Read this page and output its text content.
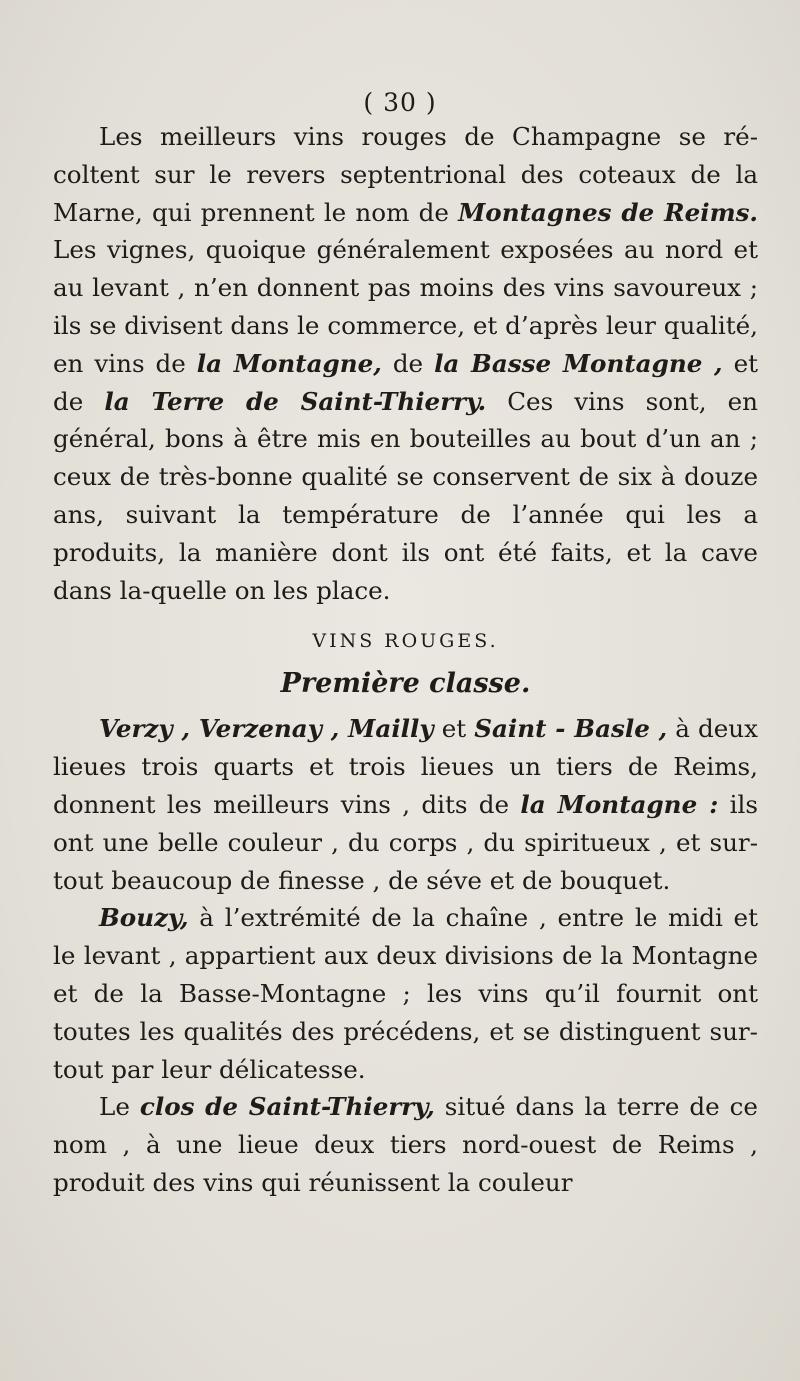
( 30 )

Les meilleurs vins rouges de Champagne se ré-coltent sur le revers septentrional des coteaux de la Marne, qui prennent le nom de Montagnes de Reims. Les vignes, quoique généralement exposées au nord et au levant , n’en donnent pas moins des vins savoureux ; ils se divisent dans le commerce, et d’après leur qualité, en vins de la Montagne, de la Basse Montagne , et de la Terre de Saint-Thierry. Ces vins sont, en général, bons à être mis en bouteilles au bout d’un an ; ceux de très-bonne qualité se conservent de six à douze ans, suivant la température de l’année qui les a produits, la manière dont ils ont été faits, et la cave dans la-quelle on les place.

VINS ROUGES.
Première classe.

Verzy , Verzenay , Mailly et Saint - Basle , à deux lieues trois quarts et trois lieues un tiers de Reims, donnent les meilleurs vins , dits de la Montagne : ils ont une belle couleur , du corps , du spiritueux , et sur-tout beaucoup de finesse , de séve et de bouquet.

Bouzy, à l’extrémité de la chaîne , entre le midi et le levant , appartient aux deux divisions de la Montagne et de la Basse-Montagne ; les vins qu’il fournit ont toutes les qualités des précédens, et se distinguent sur-tout par leur délicatesse.

Le clos de Saint-Thierry, situé dans la terre de ce nom , à une lieue deux tiers nord-ouest de Reims , produit des vins qui réunissent la couleur
